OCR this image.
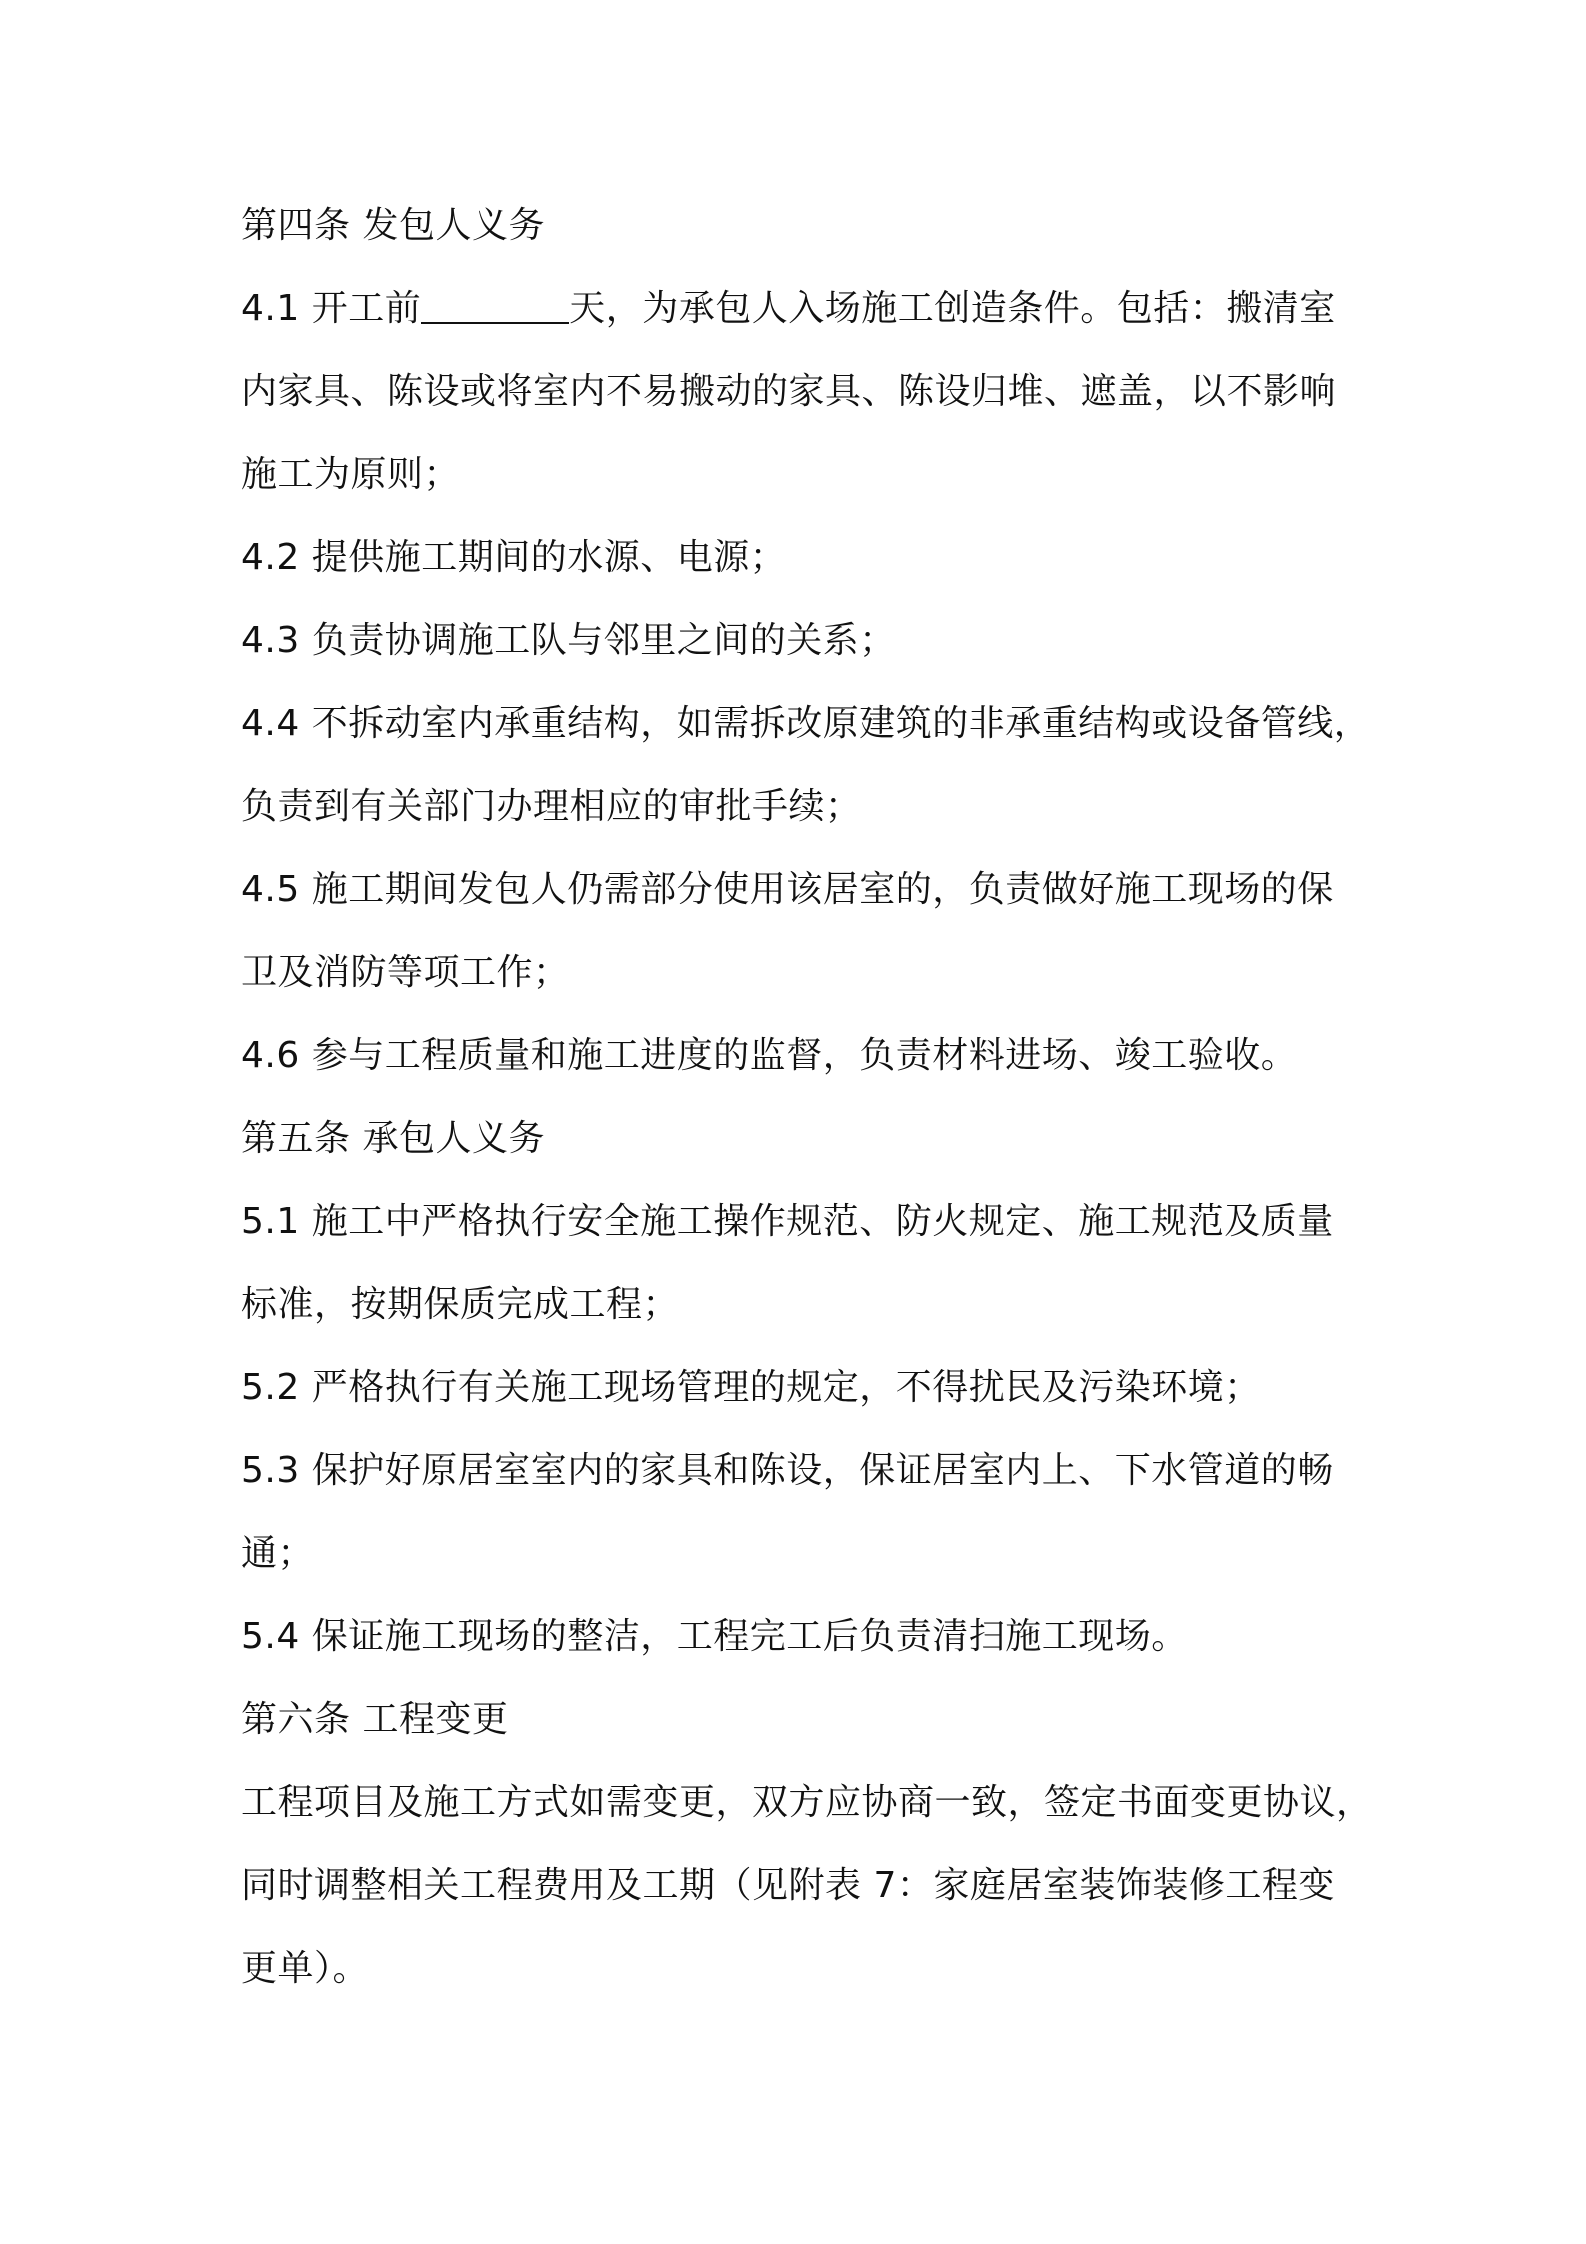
第四条 发包人义务
4.1 开工前	天，为承包人入场施工创造条件。包括：搬清室
内家具、陈设或将室内不易搬动的家具、陈设归堆、遮盖，以不影响
施工为原则；
4.2 提供施工期间的水源、电源；
4.3 负责协调施工队与邻里之间的关系；
4.4 不拆动室内承重结构，如需拆改原建筑的非承重结构或设备管线，
负责到有关部门办理相应的审批手续；
4.5 施工期间发包人仍需部分使用该居室的，负责做好施工现场的保
卫及消防等项工作；
4.6 参与工程质量和施工进度的监督，负责材料进场、竣工验收。
第五条 承包人义务
5.1 施工中严格执行安全施工操作规范、防火规定、施工规范及质量
标准，按期保质完成工程；
5.2 严格执行有关施工现场管理的规定，不得扰民及污染环境；
5.3 保护好原居室室内的家具和陈设，保证居室内上、下水管道的畅
通；
5.4 保证施工现场的整洁，工程完工后负责清扫施工现场。
第六条 工程变更
工程项目及施工方式如需变更，双方应协商一致，签定书面变更协议，
同时调整相关工程费用及工期（见附表 7：家庭居室装饰装修工程变
更单）。
